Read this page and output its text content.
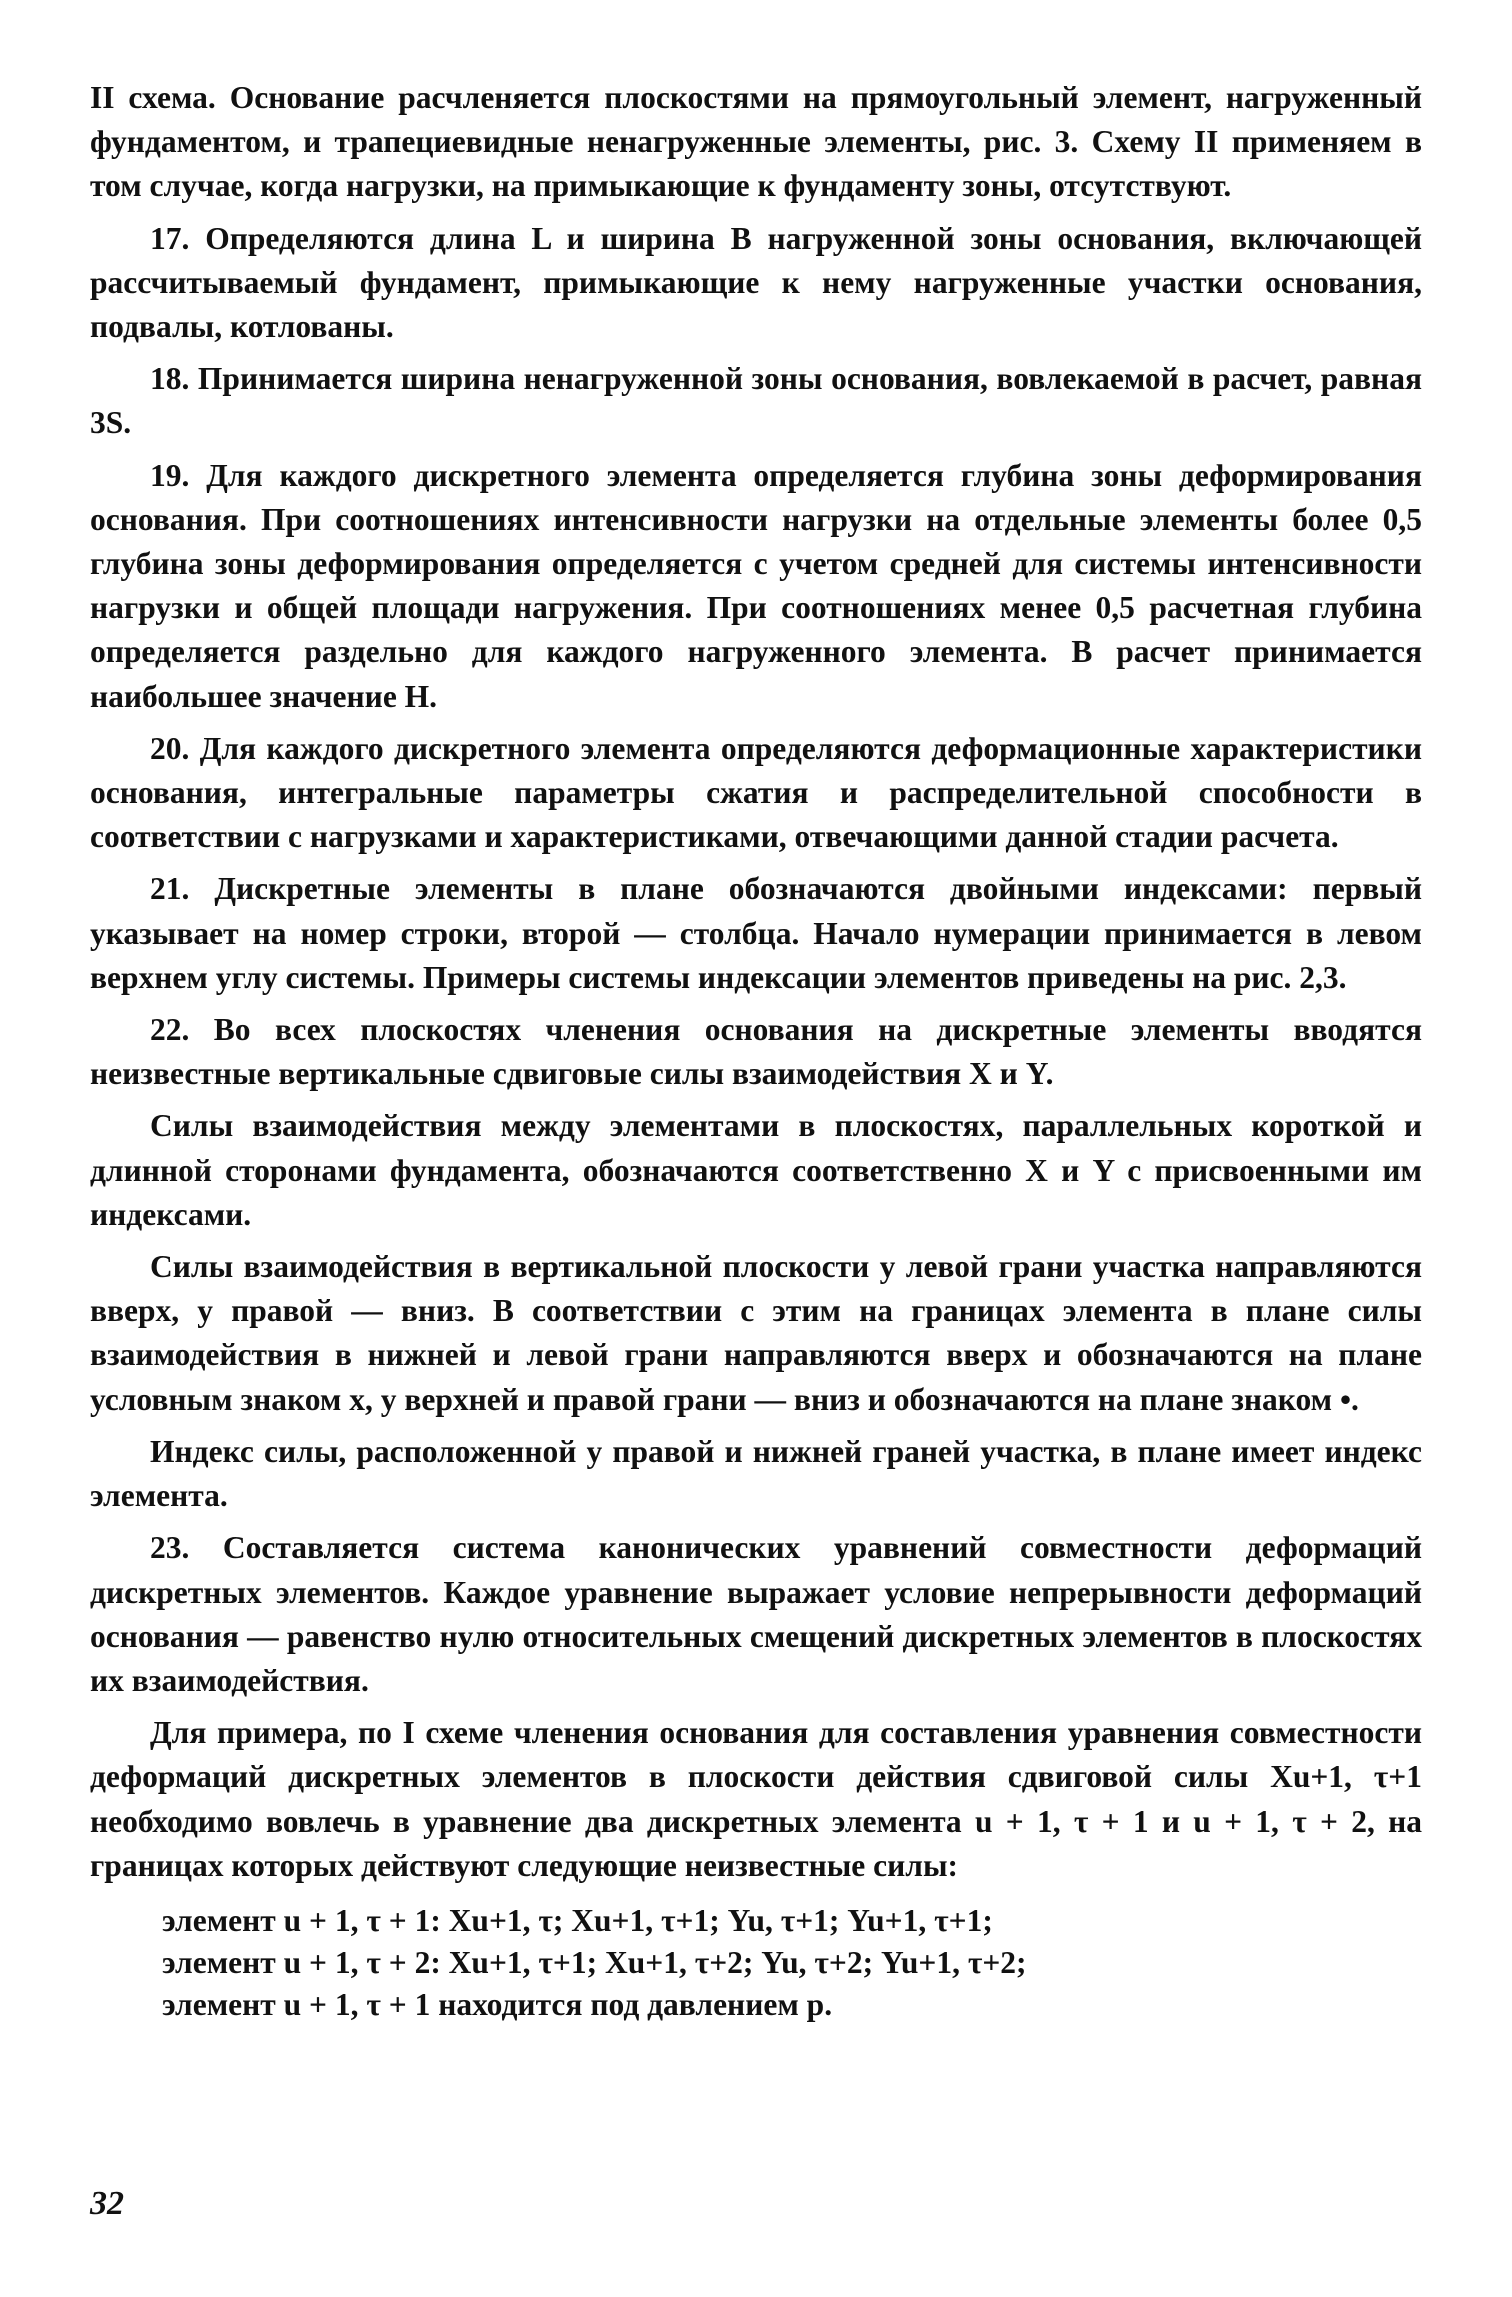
II схема. Основание расчленяется плоскостями на прямоугольный элемент, нагруженный фундаментом, и трапециевидные ненагруженные элементы, рис. 3. Схему II применяем в том случае, когда нагрузки, на примыкающие к фундаменту зоны, отсутствуют.

17. Определяются длина L и ширина B нагруженной зоны основания, включающей рассчитываемый фундамент, примыкающие к нему нагруженные участки основания, подвалы, котлованы.

18. Принимается ширина ненагруженной зоны основания, вовлекаемой в расчет, равная 3S.

19. Для каждого дискретного элемента определяется глубина зоны деформирования основания. При соотношениях интенсивности нагрузки на отдельные элементы более 0,5 глубина зоны деформирования определяется с учетом средней для системы интенсивности нагрузки и общей площади нагружения. При соотношениях менее 0,5 расчетная глубина определяется раздельно для каждого нагруженного элемента. В расчет принимается наибольшее значение H.

20. Для каждого дискретного элемента определяются деформационные характеристики основания, интегральные параметры сжатия и распределительной способности в соответствии с нагрузками и характеристиками, отвечающими данной стадии расчета.

21. Дискретные элементы в плане обозначаются двойными индексами: первый указывает на номер строки, второй — столбца. Начало нумерации принимается в левом верхнем углу системы. Примеры системы индексации элементов приведены на рис. 2,3.

22. Во всех плоскостях членения основания на дискретные элементы вводятся неизвестные вертикальные сдвиговые силы взаимодействия X и Y.

Силы взаимодействия между элементами в плоскостях, параллельных короткой и длинной сторонами фундамента, обозначаются соответственно X и Y с присвоенными им индексами.

Силы взаимодействия в вертикальной плоскости у левой грани участка направляются вверх, у правой — вниз. В соответствии с этим на границах элемента в плане силы взаимодействия в нижней и левой грани направляются вверх и обозначаются на плане условным знаком x, у верхней и правой грани — вниз и обозначаются на плане знаком •.

Индекс силы, расположенной у правой и нижней граней участка, в плане имеет индекс элемента.

23. Составляется система канонических уравнений совместности деформаций дискретных элементов. Каждое уравнение выражает условие непрерывности деформаций основания — равенство нулю относительных смещений дискретных элементов в плоскостях их взаимодействия.

Для примера, по I схеме членения основания для составления уравнения совместности деформаций дискретных элементов в плоскости действия сдвиговой силы Xu+1, τ+1 необходимо вовлечь в уравнение два дискретных элемента u + 1, τ + 1 и u + 1, τ + 2, на границах которых действуют следующие неизвестные силы:

элемент u + 1, τ + 1: Xu+1, τ; Xu+1, τ+1; Yu, τ+1; Yu+1, τ+1;
элемент u + 1, τ + 2: Xu+1, τ+1; Xu+1, τ+2; Yu, τ+2; Yu+1, τ+2;
элемент u + 1, τ + 1 находится под давлением p.
32
